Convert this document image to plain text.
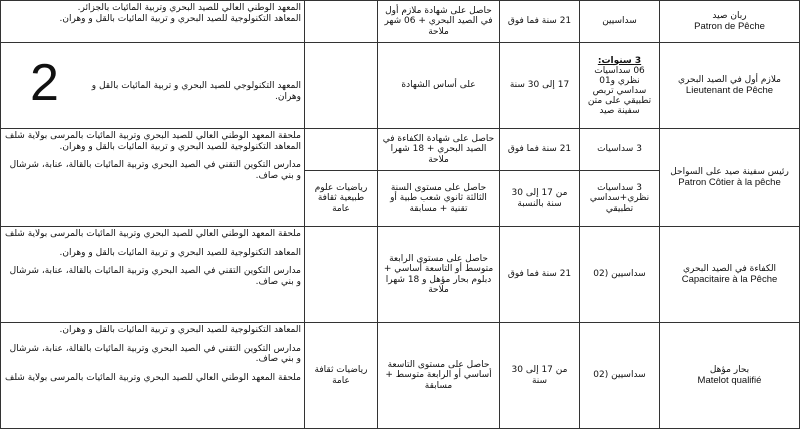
ربان صيد
Patron de Pêche
سداسيين
21 سنة فما فوق
حاصل على شهادة ملازم أول في الصيد البحري + 06 شهر ملاحة
المعهد الوطني العالي للصيد البحري وتربية المائيات بالجزائر.
المعاهد التكنولوجية للصيد البحري و تربية المائيات بالقل و وهران.
ملازم أول في الصيد البحري
Lieutenant de Pêche
3 سنوات:
06 سداسيات
نظري و01
سداسي تربص
تطبيقي على متن
سفينة صيد
17 إلى 30 سنة
على أساس الشهادة
المعهد التكنولوجي للصيد البحري و تربية المائيات بالقل و وهران.
2
رئيس سفينة صيد على السواحل
Patron Côtier à la pêche
3 سداسيات
21 سنة فما فوق
حاصل على شهادة الكفاءة في الصيد البحري + 18 شهرا ملاحة
3 سداسيات نظري+سداسي تطبيقي
من 17 إلى 30 سنة بالنسبة
حاصل على مستوى السنة الثالثة ثانوي شعب طبية أو تقنية + مسابقة
رياضيات علوم طبيعية ثقافة عامة
ملحقة المعهد الوطني العالي للصيد البحري وتربية المائيات بالمرسى بولاية شلف
المعاهد التكنولوجية للصيد البحري و تربية المائيات بالقل و وهران.
مدارس التكوين التقني في الصيد البحري وتربية المائيات بالقالة، عنابة، شرشال و بني صاف.
الكفاءة في الصيد البحري
Capacitaire à la Pêche
سداسيين (02
21 سنة فما فوق
حاصل على مستوى الرابعة متوسط أو التاسعة أساسي + دبلوم بحار مؤهل و 18 شهرا ملاحة
ملحقة المعهد الوطني العالي للصيد البحري وتربية المائيات بالمرسى بولاية شلف
المعاهد التكنولوجية للصيد البحري و تربية المائيات بالقل و وهران.
مدارس التكوين التقني في الصيد البحري وتربية المائيات بالقالة، عنابة، شرشال و بني صاف.
بحار مؤهل
Matelot qualifié
سداسيين (02
من 17 إلى 30 سنة
حاصل على مستوى التاسعة أساسي أو الرابعة متوسط + مسابقة
رياضيات ثقافة عامة
المعاهد التكنولوجية للصيد البحري و تربية المائيات بالقل و وهران.
مدارس التكوين التقني في الصيد البحري وتربية المائيات بالقالة، عنابة، شرشال و بني صاف.
ملحقة المعهد الوطني العالي للصيد البحري وتربية المائيات بالمرسى بولاية شلف
